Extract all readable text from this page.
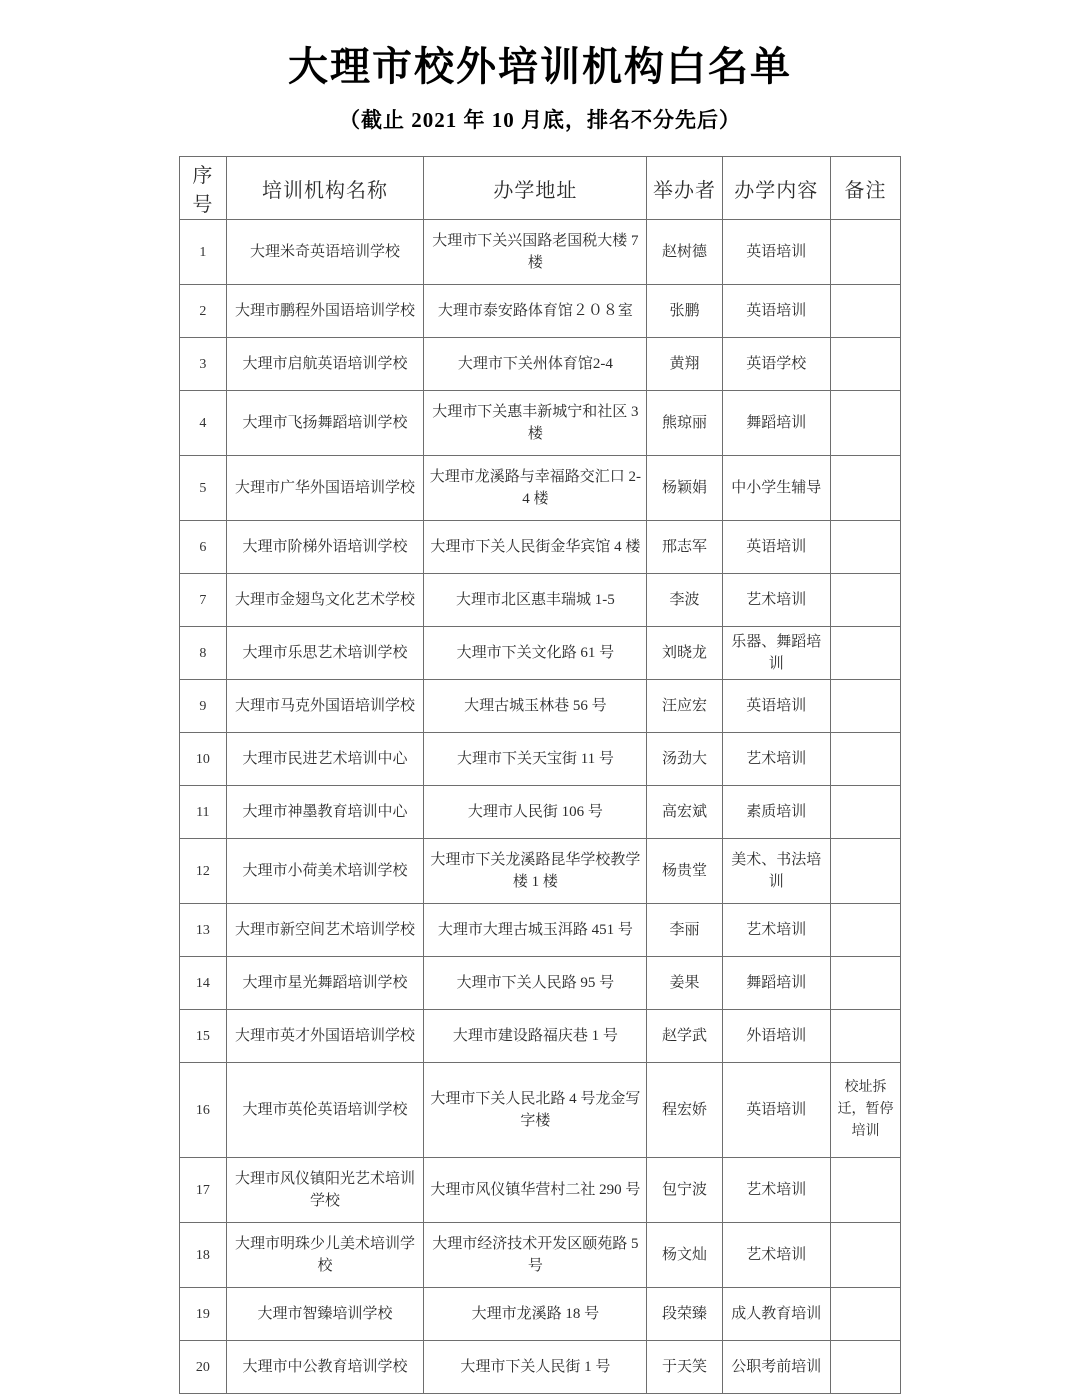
大理市校外培训机构白名单
（截止 2021 年 10 月底，排名不分先后）
序号	培训机构名称	办学地址	举办者	办学内容	备注
1	大理米奇英语培训学校	大理市下关兴国路老国税大楼 7 楼	赵树德	英语培训	
2	大理市鹏程外国语培训学校	大理市泰安路体育馆２０８室	张鹏	英语培训	
3	大理市启航英语培训学校	大理市下关州体育馆2-4	黄翔	英语学校	
4	大理市飞扬舞蹈培训学校	大理市下关惠丰新城宁和社区 3 楼	熊琼丽	舞蹈培训	
5	大理市广华外国语培训学校	大理市龙溪路与幸福路交汇口 2-4 楼	杨颖娟	中小学生辅导	
6	大理市阶梯外语培训学校	大理市下关人民街金华宾馆 4 楼	邢志军	英语培训	
7	大理市金翅鸟文化艺术学校	大理市北区惠丰瑞城 1-5	李波	艺术培训	
8	大理市乐思艺术培训学校	大理市下关文化路 61 号	刘晓龙	乐器、舞蹈培训	
9	大理市马克外国语培训学校	大理古城玉林巷 56 号	汪应宏	英语培训	
10	大理市民进艺术培训中心	大理市下关天宝街 11 号	汤劲大	艺术培训	
11	大理市神墨教育培训中心	大理市人民街 106 号	高宏斌	素质培训	
12	大理市小荷美术培训学校	大理市下关龙溪路昆华学校教学楼 1 楼	杨贵堂	美术、书法培训	
13	大理市新空间艺术培训学校	大理市大理古城玉洱路 451 号	李丽	艺术培训	
14	大理市星光舞蹈培训学校	大理市下关人民路 95 号	姜果	舞蹈培训	
15	大理市英才外国语培训学校	大理市建设路福庆巷 1 号	赵学武	外语培训	
16	大理市英伦英语培训学校	大理市下关人民北路 4 号龙金写字楼	程宏娇	英语培训	校址拆迁，暂停培训
17	大理市风仪镇阳光艺术培训学校	大理市风仪镇华营村二社 290 号	包宁波	艺术培训	
18	大理市明珠少儿美术培训学校	大理市经济技术开发区颐苑路 5 号	杨文灿	艺术培训	
19	大理市智臻培训学校	大理市龙溪路 18 号	段荣臻	成人教育培训	
20	大理市中公教育培训学校	大理市下关人民街 1 号	于天笑	公职考前培训	
